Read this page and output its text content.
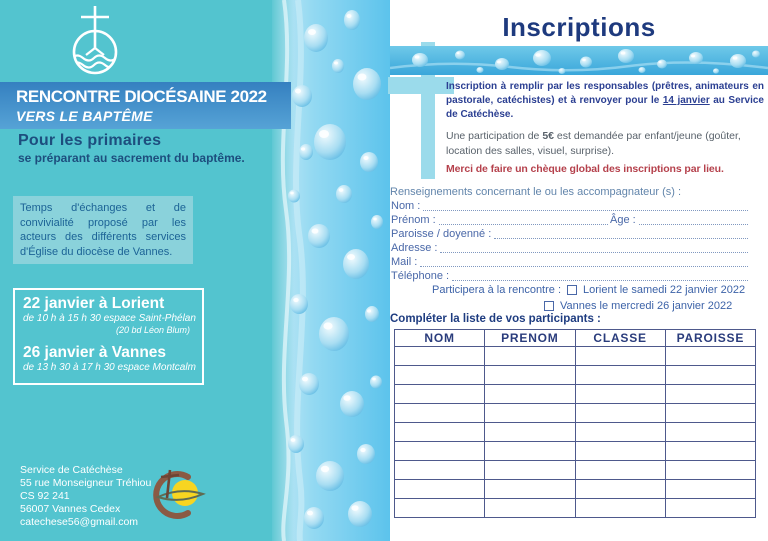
RENCONTRE DIOCÉSAINE 2022
VERS LE BAPTÊME
Pour les primaires
se préparant au sacrement du baptême.
Temps d'échanges et de convivialité proposé par les acteurs des différents services d'Église du diocèse de Vannes.
22 janvier à Lorient
de 10 h à 15 h 30 espace Saint-Phélan
(20 bd Léon Blum)
26 janvier à Vannes
de 13 h 30 à 17 h 30 espace Montcalm
Service de Catéchèse
55 rue Monseigneur Tréhiou
CS 92 241
56007 Vannes Cedex
catechese56@gmail.com
Inscriptions
Inscription à remplir par les responsables (prêtres, animateurs en pastorale, catéchistes) et à renvoyer pour le 14 janvier au Service de Catéchèse.
Une participation de 5€ est demandée par enfant/jeune (goûter, location des salles, visuel, surprise).
Merci de faire un chèque global des inscriptions par lieu.
Renseignements concernant le ou les accompagnateur (s) :
Nom :
Prénom :	Âge :
Paroisse / doyenné :
Adresse :
Mail :
Téléphone :
Participera à la rencontre : Lorient le samedi 22 janvier 2022
Vannes le mercredi 26 janvier 2022
Compléter la liste de vos participants :
NOM	PRENOM	CLASSE	PAROISSE
